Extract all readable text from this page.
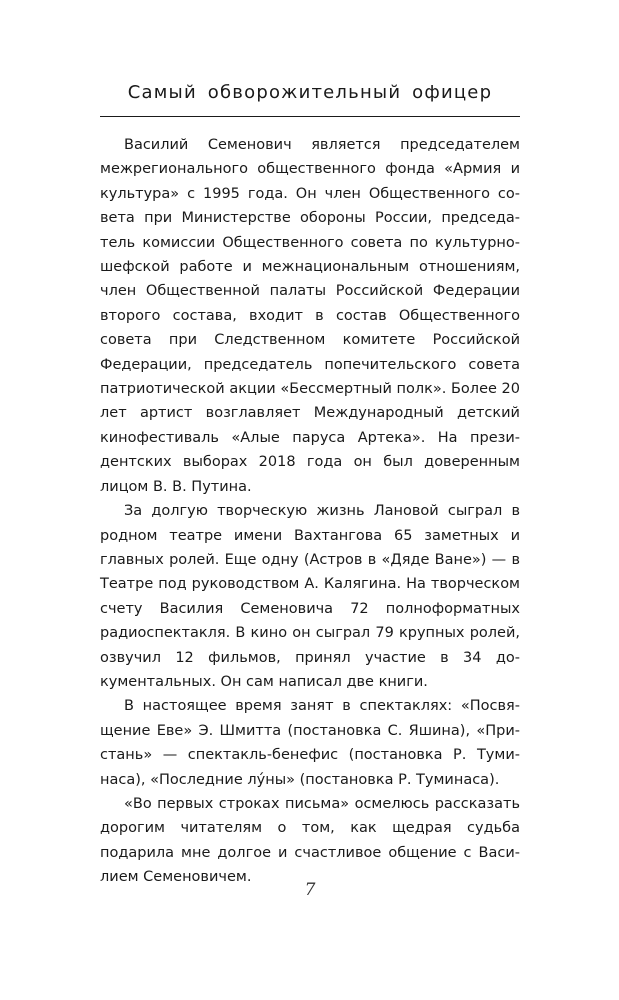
Самый обворожительный офицер

Василий Семенович является председателем межрегионального общественного фонда «Армия и культура» с 1995 года. Он член Общественного совета при Министерстве обороны России, председатель комиссии Общественного совета по культурношефской работе и межнациональным отношениям, член Общественной палаты Российской Федерации второго состава, входит в состав Общественного совета при Следственном комитете Российской Федерации, председатель попечительского совета патриотической акции «Бессмертный полк». Более 20 лет артист возглавляет Международный детский кинофестиваль «Алые паруса Артека». На президентских выборах 2018 года он был доверенным лицом В. В. Путина.

За долгую творческую жизнь Лановой сыграл в родном театре имени Вахтангова 65 заметных и главных ролей. Еще одну (Астров в «Дяде Ване») — в Театре под руководством А. Калягина. На творческом счету Василия Семеновича 72 полноформатных радиоспектакля. В кино он сыграл 79 крупных ролей, озвучил 12 фильмов, принял участие в 34 документальных. Он сам написал две книги.

В настоящее время занят в спектаклях: «Посвящение Еве» Э. Шмитта (постановка С. Яшина), «Пристань» — спектакль-бенефис (постановка Р. Туминаса), «Последние лу́ны» (постановка Р. Туминаса).

«Во первых строках письма» осмелюсь рассказать дорогим читателям о том, как щедрая судьба подарила мне долгое и счастливое общение с Василием Семеновичем.

7
